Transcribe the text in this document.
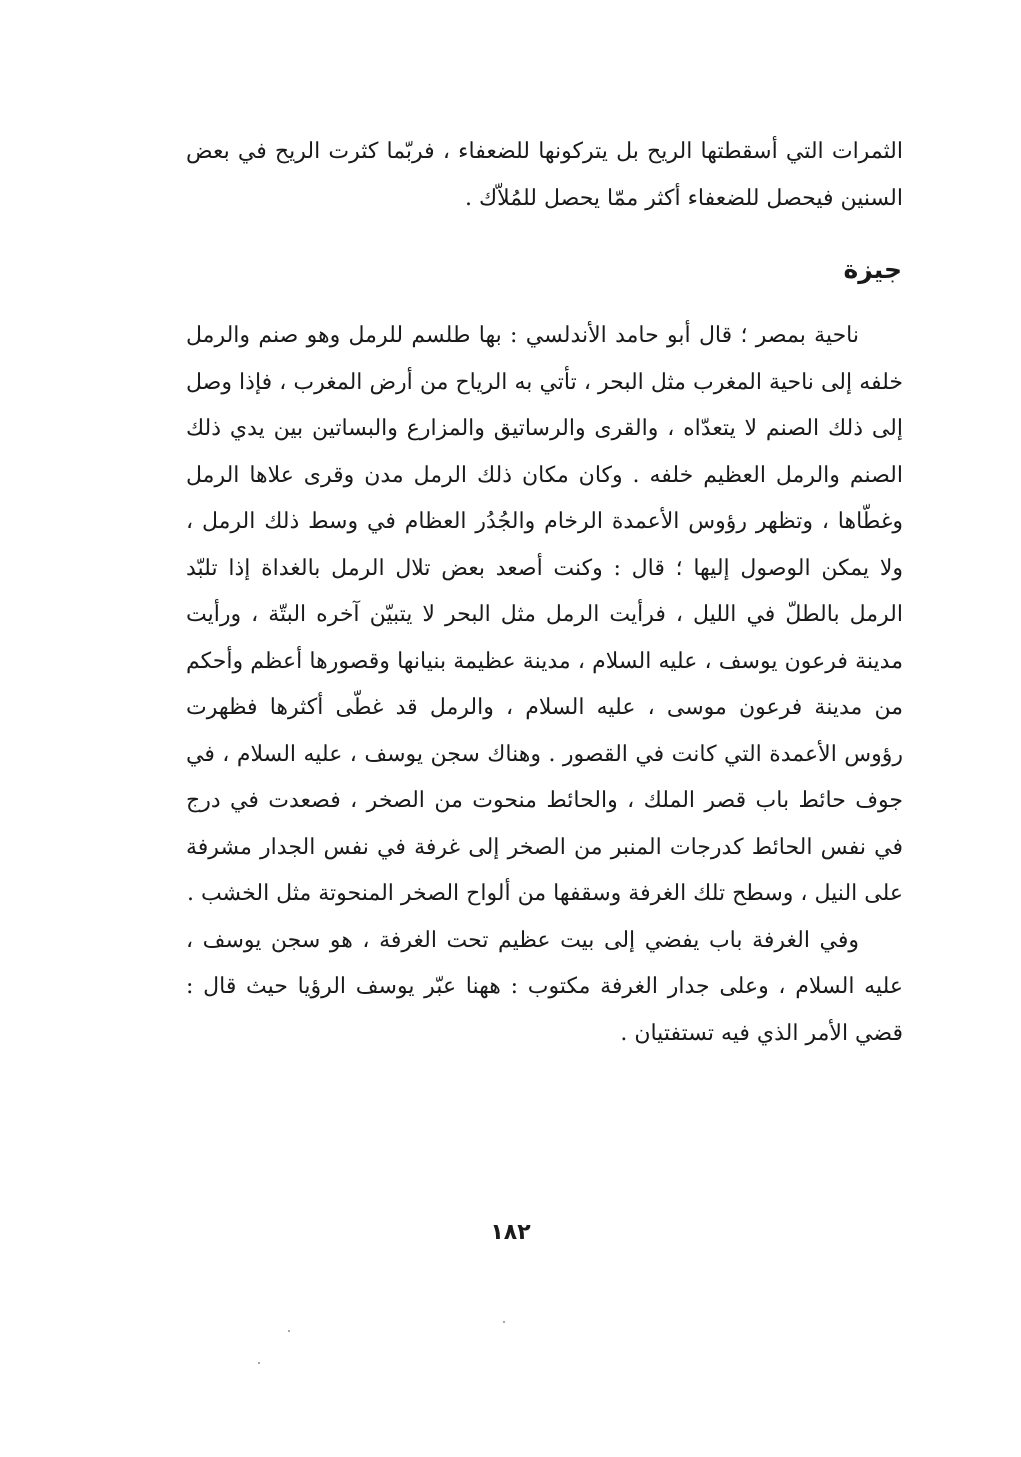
الثمرات التي أسقطتها الريح بل يتركونها للضعفاء ، فربّما كثرت الريح في بعض السنين فيحصل للضعفاء أكثر ممّا يحصل للمُلاّك .
جيزة

ناحية بمصر ؛ قال أبو حامد الأندلسي : بها طلسم للرمل وهو صنم والرمل خلفه إلى ناحية المغرب مثل البحر ، تأتي به الرياح من أرض المغرب ، فإذا وصل إلى ذلك الصنم لا يتعدّاه ، والقرى والرساتيق والمزارع والبساتين بين يدي ذلك الصنم والرمل العظيم خلفه . وكان مكان ذلك الرمل مدن وقرى علاها الرمل وغطّاها ، وتظهر رؤوس الأعمدة الرخام والجُدُر العظام في وسط ذلك الرمل ، ولا يمكن الوصول إليها ؛ قال : وكنت أصعد بعض تلال الرمل بالغداة إذا تلبّد الرمل بالطلّ في الليل ، فرأيت الرمل مثل البحر لا يتبيّن آخره البتّة ، ورأيت مدينة فرعون يوسف ، عليه السلام ، مدينة عظيمة بنيانها وقصورها أعظم وأحكم من مدينة فرعون موسى ، عليه السلام ، والرمل قد غطّى أكثرها فظهرت رؤوس الأعمدة التي كانت في القصور . وهناك سجن يوسف ، عليه السلام ، في جوف حائط باب قصر الملك ، والحائط منحوت من الصخر ، فصعدت في درج في نفس الحائط كدرجات المنبر من الصخر إلى غرفة في نفس الجدار مشرفة على النيل ، وسطح تلك الغرفة وسقفها من ألواح الصخر المنحوتة مثل الخشب .

وفي الغرفة باب يفضي إلى بيت عظيم تحت الغرفة ، هو سجن يوسف ، عليه السلام ، وعلى جدار الغرفة مكتوب : ههنا عبّر يوسف الرؤيا حيث قال : قضي الأمر الذي فيه تستفتيان .

١٨٢
